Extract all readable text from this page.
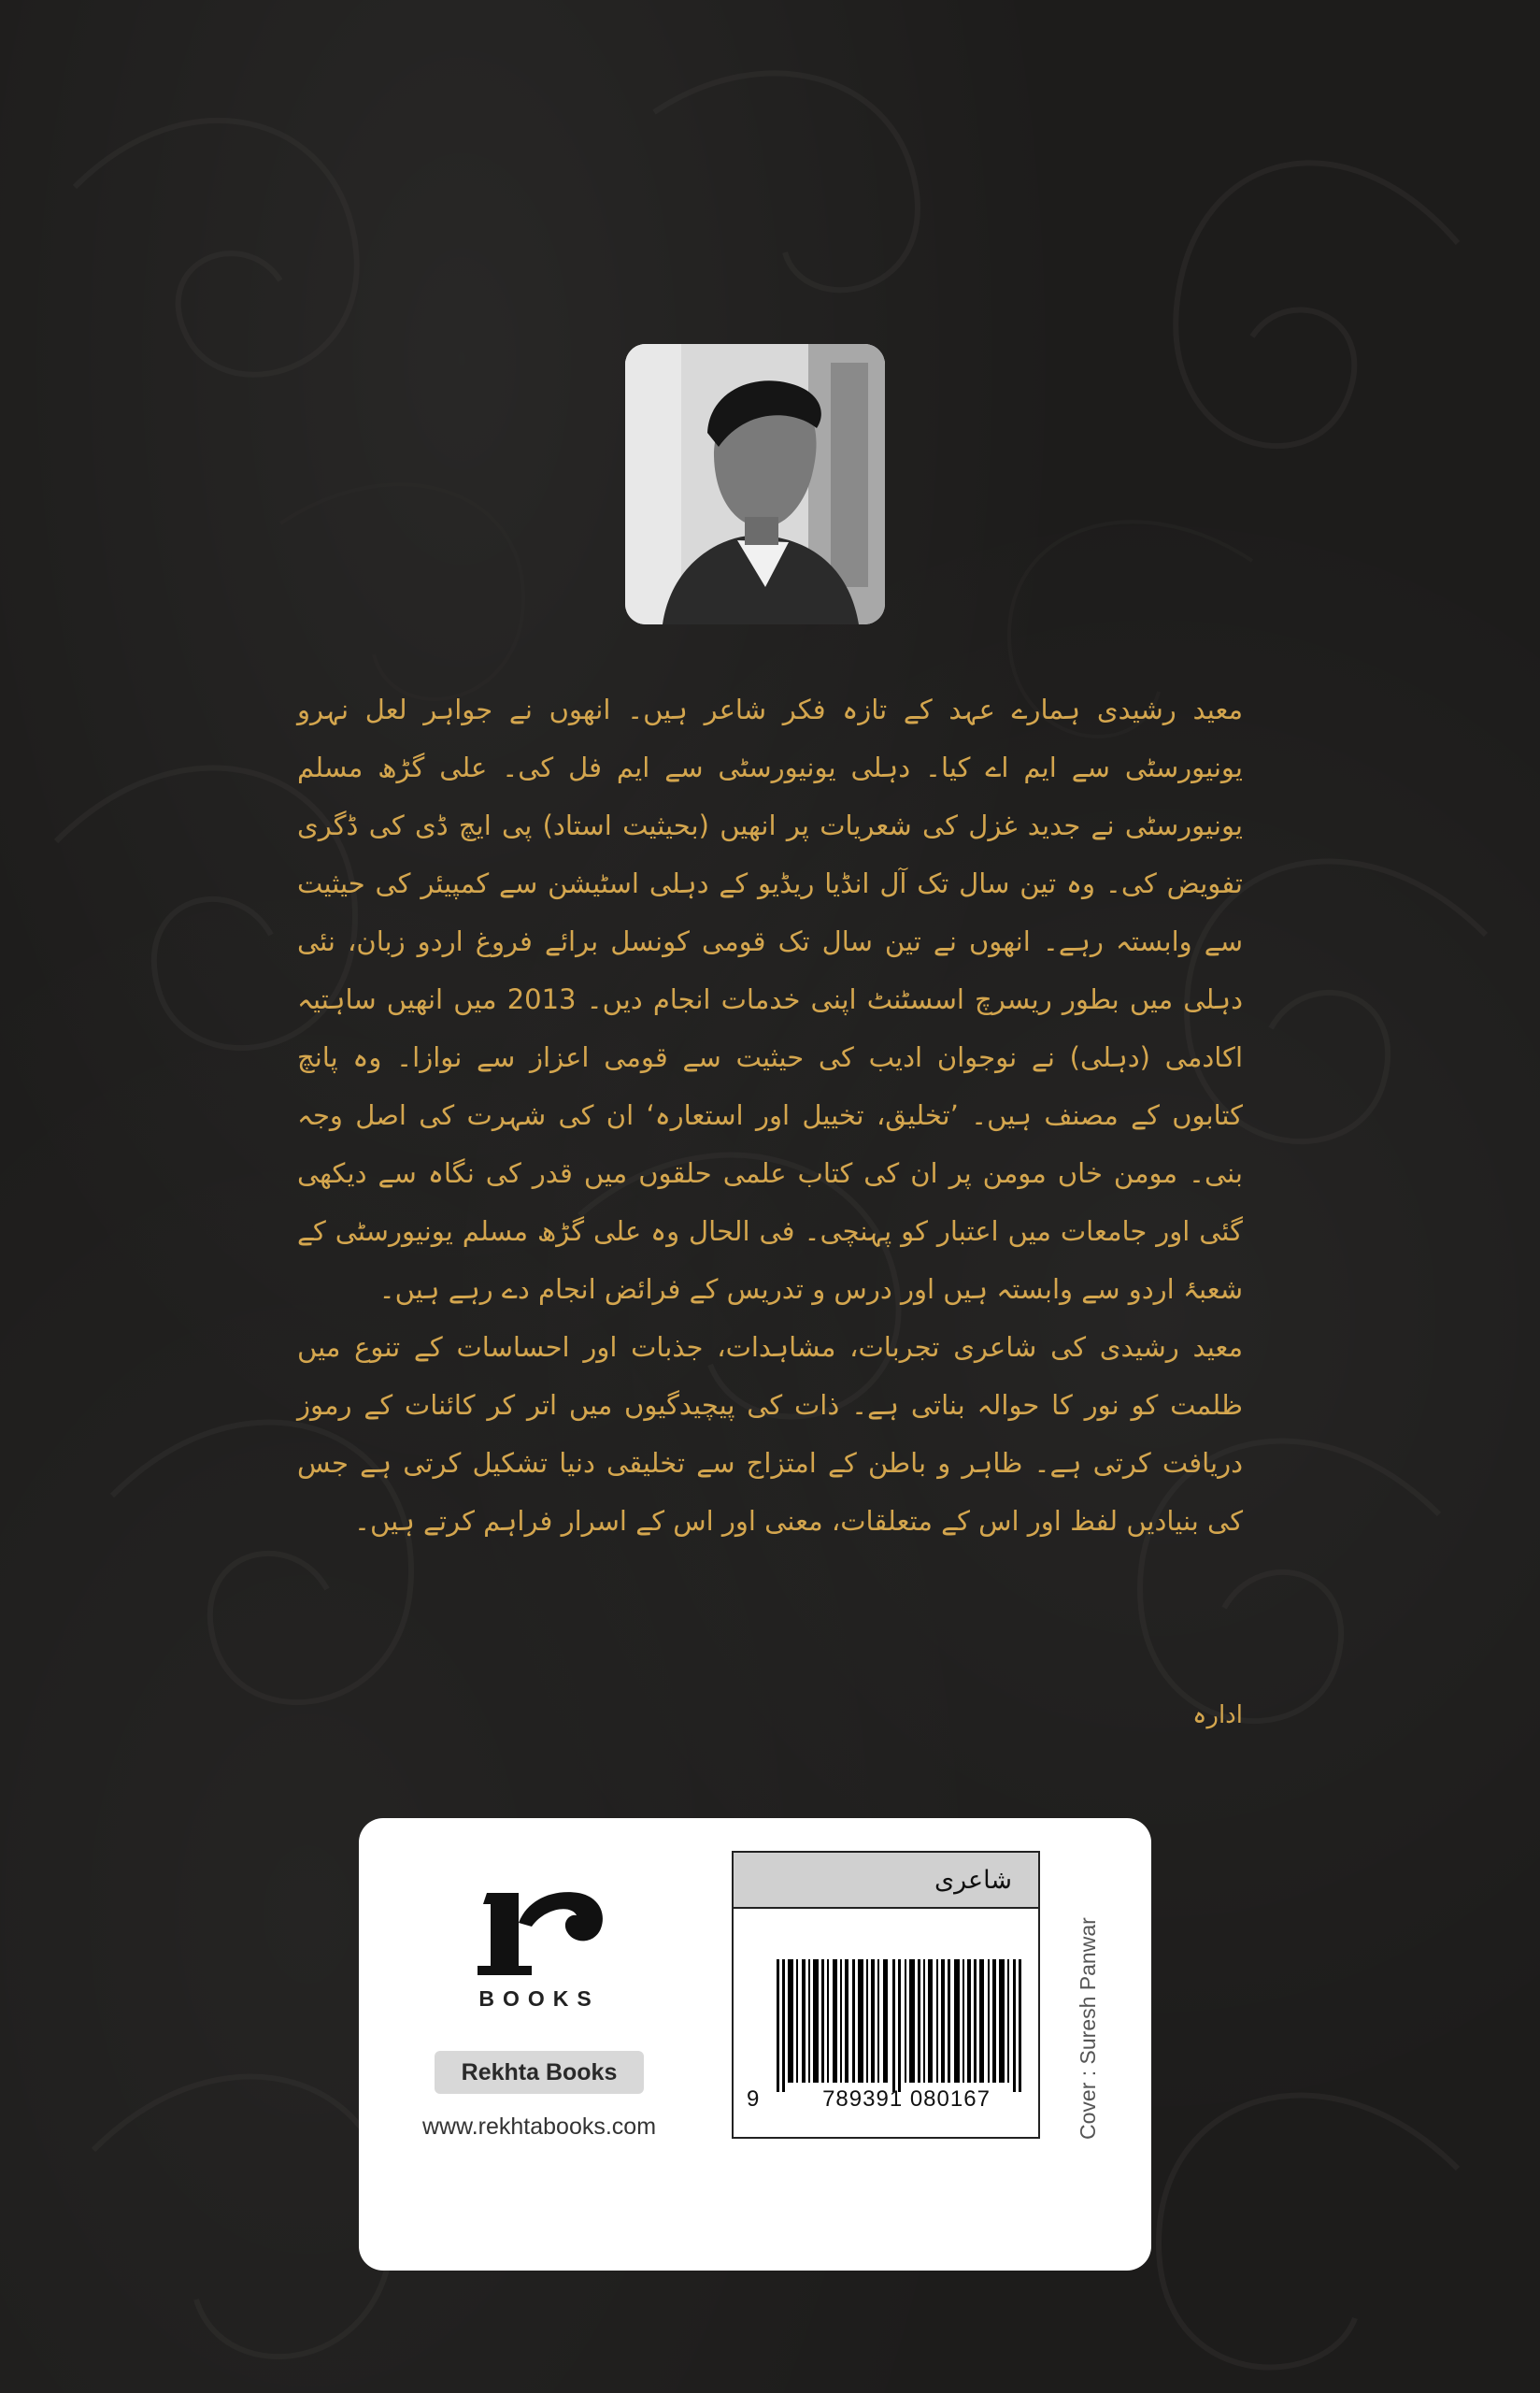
معید رشیدی ہمارے عہد کے تازہ فکر شاعر ہیں۔ انھوں نے جواہر لعل نہرو یونیورسٹی سے ایم اے کیا۔ دہلی یونیورسٹی سے ایم فل کی۔ علی گڑھ مسلم یونیورسٹی نے جدید غزل کی شعریات پر انھیں (بحیثیت استاد) پی ایچ ڈی کی ڈگری تفویض کی۔ وہ تین سال تک آل انڈیا ریڈیو کے دہلی اسٹیشن سے کمپیئر کی حیثیت سے وابستہ رہے۔ انھوں نے تین سال تک قومی کونسل برائے فروغ اردو زبان، نئی دہلی میں بطور ریسرچ اسسٹنٹ اپنی خدمات انجام دیں۔ 2013 میں انھیں ساہتیہ اکادمی (دہلی) نے نوجوان ادیب کی حیثیت سے قومی اعزاز سے نوازا۔ وہ پانچ کتابوں کے مصنف ہیں۔ ’تخلیق، تخییل اور استعارہ‘ ان کی شہرت کی اصل وجہ بنی۔ مومن خاں مومن پر ان کی کتاب علمی حلقوں میں قدر کی نگاہ سے دیکھی گئی اور جامعات میں اعتبار کو پہنچی۔ فی الحال وہ علی گڑھ مسلم یونیورسٹی کے شعبۂ اردو سے وابستہ ہیں اور درس و تدریس کے فرائض انجام دے رہے ہیں۔

معید رشیدی کی شاعری تجربات، مشاہدات، جذبات اور احساسات کے تنوع میں ظلمت کو نور کا حوالہ بناتی ہے۔ ذات کی پیچیدگیوں میں اتر کر کائنات کے رموز دریافت کرتی ہے۔ ظاہر و باطن کے امتزاج سے تخلیقی دنیا تشکیل کرتی ہے جس کی بنیادیں لفظ اور اس کے متعلقات، معنی اور اس کے اسرار فراہم کرتے ہیں۔

ادارہ
BOOKS
Rekhta Books
www.rekhtabooks.com
شاعری
9	789391 080167	Cover : Suresh Panwar
